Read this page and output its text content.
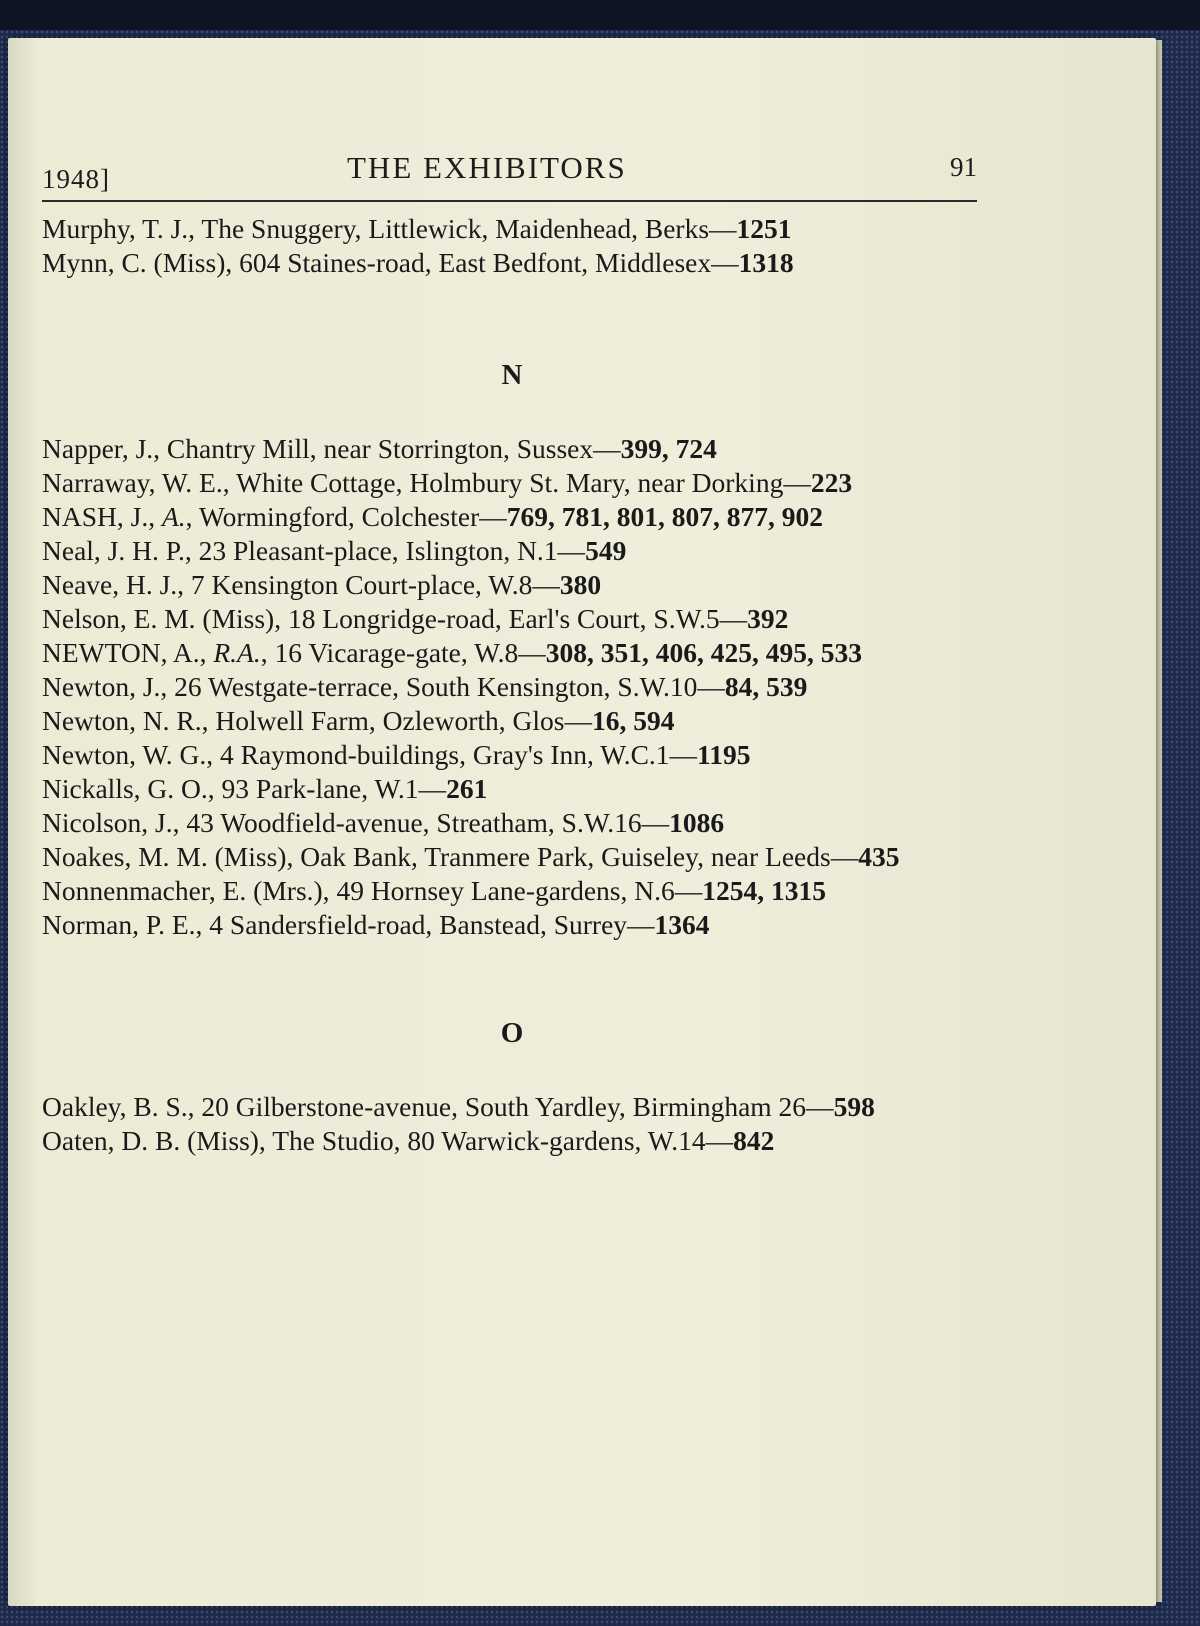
1948]	THE EXHIBITORS	91

Murphy, T. J., The Snuggery, Littlewick, Maidenhead, Berks—1251

Mynn, C. (Miss), 604 Staines-road, East Bedfont, Middlesex—1318

N

Napper, J., Chantry Mill, near Storrington, Sussex—399, 724

Narraway, W. E., White Cottage, Holmbury St. Mary, near Dorking—223

NASH, J., A., Wormingford, Colchester—769, 781, 801, 807, 877, 902

Neal, J. H. P., 23 Pleasant-place, Islington, N.1—549

Neave, H. J., 7 Kensington Court-place, W.8—380

Nelson, E. M. (Miss), 18 Longridge-road, Earl's Court, S.W.5—392

NEWTON, A., R.A., 16 Vicarage-gate, W.8—308, 351, 406, 425, 495, 533

Newton, J., 26 Westgate-terrace, South Kensington, S.W.10—84, 539

Newton, N. R., Holwell Farm, Ozleworth, Glos—16, 594

Newton, W. G., 4 Raymond-buildings, Gray's Inn, W.C.1—1195

Nickalls, G. O., 93 Park-lane, W.1—261

Nicolson, J., 43 Woodfield-avenue, Streatham, S.W.16—1086

Noakes, M. M. (Miss), Oak Bank, Tranmere Park, Guiseley, near Leeds—435

Nonnenmacher, E. (Mrs.), 49 Hornsey Lane-gardens, N.6—1254, 1315

Norman, P. E., 4 Sandersfield-road, Banstead, Surrey—1364

O

Oakley, B. S., 20 Gilberstone-avenue, South Yardley, Birmingham 26—598

Oaten, D. B. (Miss), The Studio, 80 Warwick-gardens, W.14—842
